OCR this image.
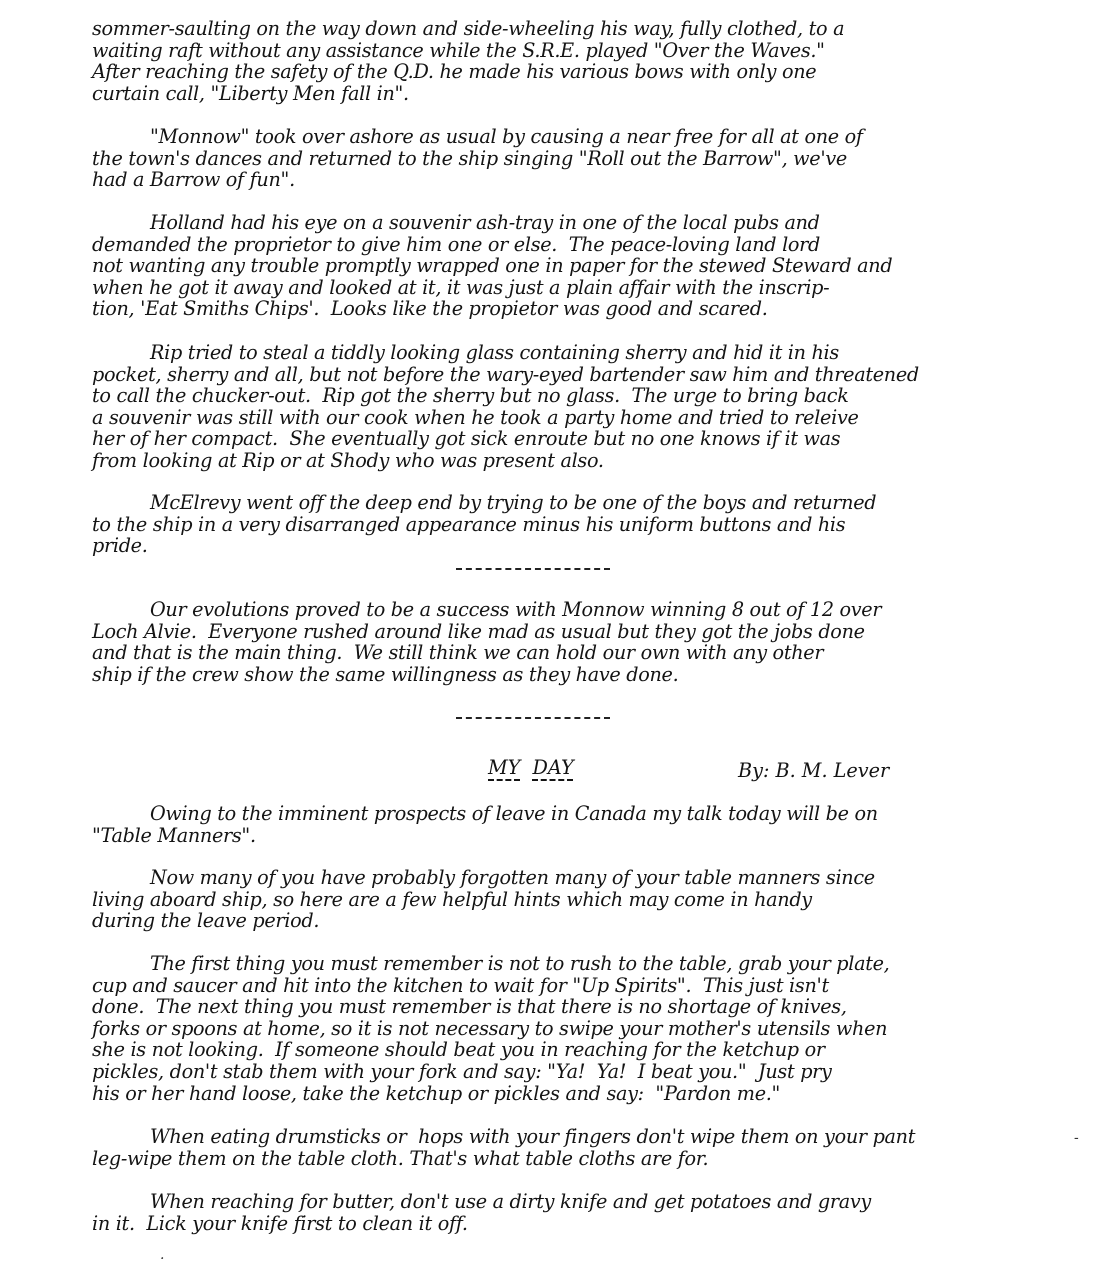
sommer-saulting on the way down and side-wheeling his way, fully clothed, to a
waiting raft without any assistance while the S.R.E. played "Over the Waves."
After reaching the safety of the Q.D. he made his various bows with only one
curtain call, "Liberty Men fall in".
"Monnow" took over ashore as usual by causing a near free for all at one of
the town's dances and returned to the ship singing "Roll out the Barrow", we've
had a Barrow of fun".
Holland had his eye on a souvenir ash-tray in one of the local pubs and
demanded the proprietor to give him one or else.  The peace-loving land lord
not wanting any trouble promptly wrapped one in paper for the stewed Steward and
when he got it away and looked at it, it was just a plain affair with the inscrip-
tion, 'Eat Smiths Chips'.  Looks like the propietor was good and scared.
Rip tried to steal a tiddly looking glass containing sherry and hid it in his
pocket, sherry and all, but not before the wary-eyed bartender saw him and threatened
to call the chucker-out.  Rip got the sherry but no glass.  The urge to bring back
a souvenir was still with our cook when he took a party home and tried to releive
her of her compact.  She eventually got sick enroute but no one knows if it was
from looking at Rip or at Shody who was present also.
McElrevy went off the deep end by trying to be one of the boys and returned
to the ship in a very disarranged appearance minus his uniform buttons and his
pride.
Our evolutions proved to be a success with Monnow winning 8 out of 12 over
Loch Alvie.  Everyone rushed around like mad as usual but they got the jobs done
and that is the main thing.  We still think we can hold our own with any other
ship if the crew show the same willingness as they have done.
MY DAY	By: B. M. Lever
Owing to the imminent prospects of leave in Canada my talk today will be on
"Table Manners".
Now many of you have probably forgotten many of your table manners since
living aboard ship, so here are a few helpful hints which may come in handy
during the leave period.
The first thing you must remember is not to rush to the table, grab your plate,
cup and saucer and hit into the kitchen to wait for "Up Spirits".  This just isn't
done.  The next thing you must remember is that there is no shortage of knives,
forks or spoons at home, so it is not necessary to swipe your mother's utensils when
she is not looking.  If someone should beat you in reaching for the ketchup or
pickles, don't stab them with your fork and say: "Ya!  Ya!  I beat you."  Just pry
his or her hand loose, take the ketchup or pickles and say:  "Pardon me."
When eating drumsticks or  hops with your fingers don't wipe them on your pant
leg-wipe them on the table cloth. That's what table cloths are for.
When reaching for butter, don't use a dirty knife and get potatoes and gravy
in it.  Lick your knife first to clean it off.
-
.
